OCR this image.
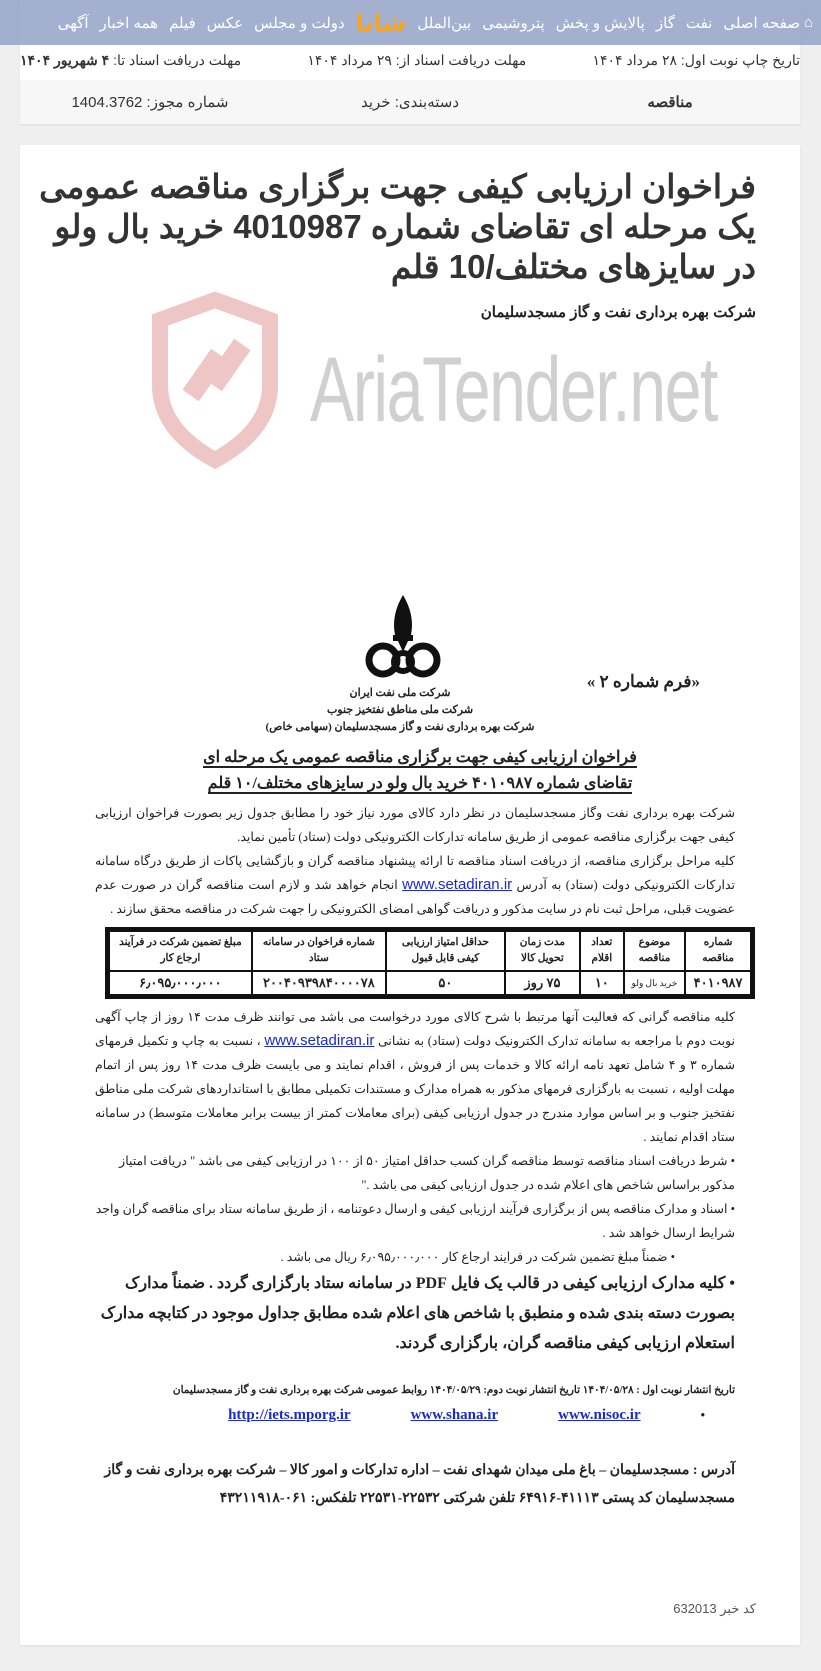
⌂
صفحه اصلی
نفت
گاز
پالایش و پخش
پتروشیمی
بین‌الملل
شانا
دولت و مجلس
عکس
فیلم
همه اخبار
آگهی
تاریخ چاپ نوبت اول: ۲۸ مرداد ۱۴۰۴
مهلت دریافت اسناد از: ۲۹ مرداد ۱۴۰۴
مهلت دریافت اسناد تا: ۴ شهریور ۱۴۰۴
مناقصه
دسته‌بندی: خرید
شماره مجوز: 1404.3762
AriaTender.net
فراخوان ارزیابی کیفی جهت برگزاری مناقصه عمومی یک مرحله ای تقاضای شماره 4010987 خرید بال ولو در سایزهای مختلف/10 قلم
شرکت بهره برداری نفت و گاز مسجدسلیمان
«فرم شماره ۲ »
شرکت ملی نفت ایران
شرکت ملی مناطق نفتخیز جنوب
شرکت بهره برداری نفت و گاز مسجدسلیمان (سهامی خاص)
فراخوان ارزیابی کیفی جهت برگزاری مناقصه عمومی یک مرحله ای
تقاضای شماره ۴۰۱۰۹۸۷ خرید بال ولو در سایزهای مختلف/۱۰ قلم
شرکت بهره برداری نفت وگاز مسجدسلیمان در نظر دارد کالای مورد نیاز خود را مطابق جدول زیر بصورت فراخوان ارزیابی کیفی جهت برگزاری مناقصه عمومی از طریق سامانه تدارکات الکترونیکی دولت (ستاد) تأمین نماید.
کلیه مراحل برگزاری مناقصه، از دریافت اسناد مناقصه تا ارائه پیشنهاد مناقصه گران و بازگشایی پاکات از طریق درگاه سامانه تدارکات الکترونیکی دولت (ستاد) به آدرس www.setadiran.ir انجام خواهد شد و لازم است مناقصه گران در صورت عدم عضویت قبلی، مراحل ثبت نام در سایت مذکور و دریافت گواهی امضای الکترونیکی را جهت شرکت در مناقصه محقق سازند .
شماره مناقصه	موضوع مناقصه	تعداد اقلام	مدت زمان تحویل کالا	حداقل امتیاز ارزیابی کیفی قابل قبول	شماره فراخوان در سامانه ستاد	مبلغ تضمین شرکت در فرآیند ارجاع کار
۴۰۱۰۹۸۷	خرید بال ولو	۱۰	۷۵ روز	۵۰	۲۰۰۴۰۹۳۹۸۴۰۰۰۰۷۸	۶٫۰۹۵٫۰۰۰٫۰۰۰
کلیه مناقصه گرانی که فعالیت آنها مرتبط با شرح کالای مورد درخواست می باشد می توانند ظرف مدت ۱۴ روز از چاپ آگهی نوبت دوم با مراجعه به سامانه تدارک الکترونیک دولت (ستاد) به نشانی www.setadiran.ir ، نسبت به چاپ و تکمیل فرمهای شماره ۳ و ۴ شامل تعهد نامه ارائه کالا و خدمات پس از فروش ، اقدام نمایند و می بایست ظرف مدت ۱۴ روز پس از اتمام مهلت اولیه ، نسبت به بارگزاری فرمهای مذکور به همراه مدارک و مستندات تکمیلی مطابق با استانداردهای شرکت ملی مناطق نفتخیز جنوب و بر اساس موارد مندرج در جدول ارزیابی کیفی (برای معاملات کمتر از بیست برابر معاملات متوسط) در سامانه ستاد اقدام نمایند .
• شرط دریافت اسناد مناقصه توسط مناقصه گران کسب حداقل امتیاز ۵۰ از ۱۰۰ در ارزیابی کیفی می باشد " دریافت امتیاز مذکور براساس شاخص های اعلام شده در جدول ارزیابی کیفی می باشد ."
• اسناد و مدارک مناقصه پس از برگزاری فرآیند ارزیابی کیفی و ارسال دعوتنامه ، از طریق سامانه ستاد برای مناقصه گران واجد شرایط ارسال خواهد شد .
• ضمناً مبلغ تضمین شرکت در فرایند ارجاع کار ۶٫۰۹۵٫۰۰۰٫۰۰۰ ریال می باشد .
• کلیه مدارک ارزیابی کیفی در قالب یک فایل PDF در سامانه ستاد بارگزاری گردد . ضمناً مدارک بصورت دسته بندی شده و منطبق با شاخص های اعلام شده مطابق جداول موجود در کتابچه مدارک استعلام ارزیابی کیفی مناقصه گران، بارگزاری گردند.
تاریخ انتشار نوبت اول : ۱۴۰۴/۰۵/۲۸ تاریخ انتشار نوبت دوم: ۱۴۰۴/۰۵/۲۹ روابط عمومی شرکت بهره برداری نفت و گاز مسجدسلیمان
•
www.nisoc.ir
www.shana.ir
http://iets.mporg.ir
آدرس : مسجدسلیمان – باغ ملی میدان شهدای نفت – اداره تدارکات و امور کالا – شرکت بهره برداری نفت و گاز
مسجدسلیمان کد پستی ۴۱۱۱۳-۶۴۹۱۶ تلفن شرکتی ۲۲۵۳۲-۲۲۵۳۱ تلفکس: ۰۶۱-۴۳۲۱۱۹۱۸
کد خبر 632013
